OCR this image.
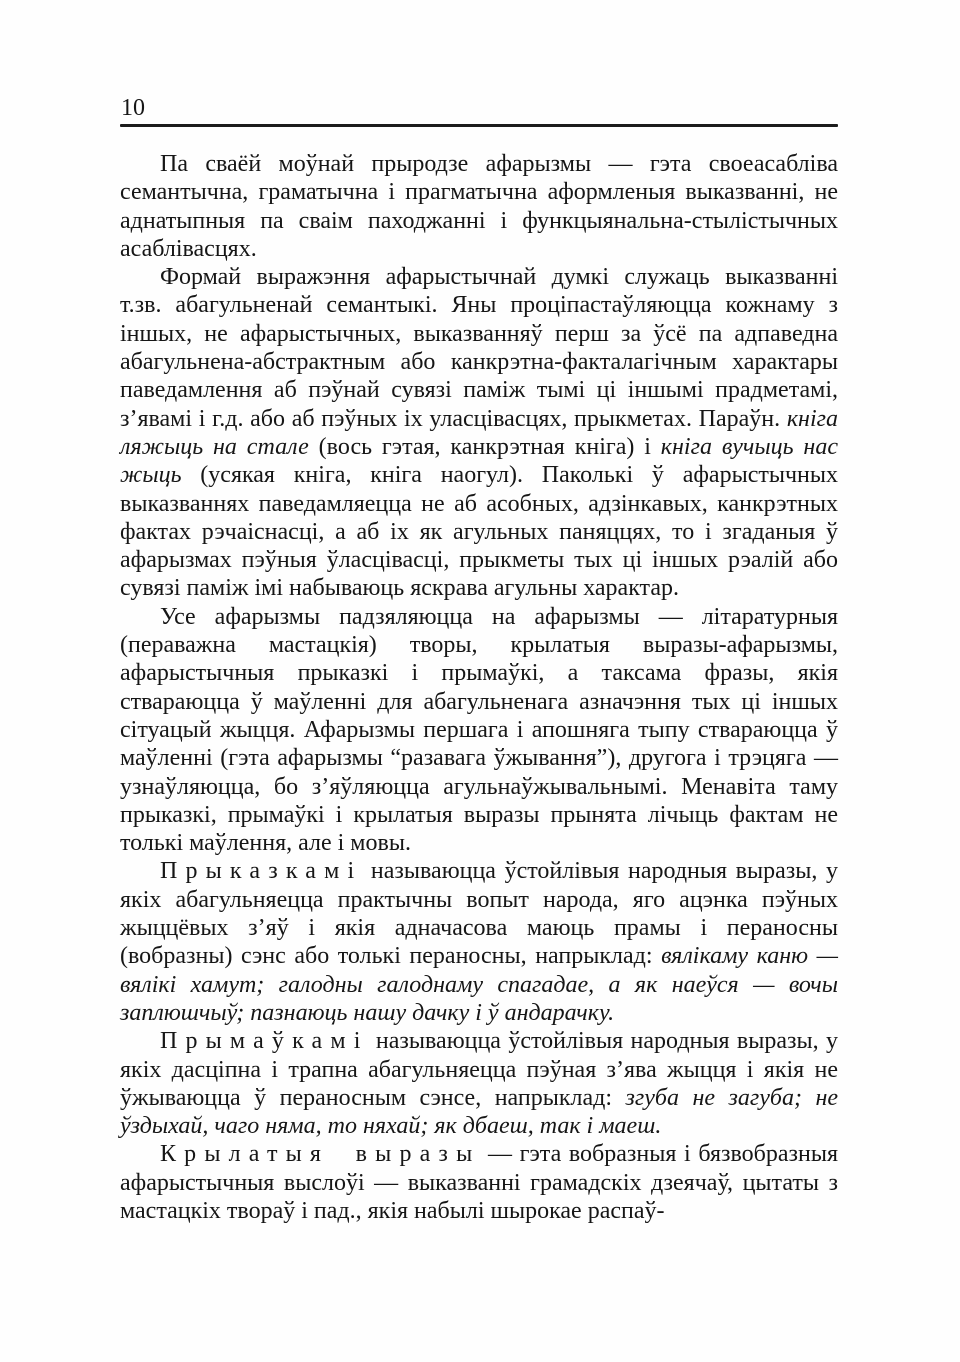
10

Па сваёй моўнай прыродзе афарызмы — гэта своеасабліва семантычна, граматычна і прагматычна аформленыя выказванні, не аднатыпныя па сваім паходжанні і функцыянальна-стылістычных асаблівасцях.

Формай выражэння афарыстычнай думкі служаць выказванні т.зв. абагульненай семантыкі. Яны проціпастаўляюцца кожнаму з іншых, не афарыстычных, выказванняў перш за ўсё па адпаведна абагульнена-абстрактным або канкрэтна-факталагічным характары паведамлення аб пэўнай сувязі паміж тымі ці іншымі прадметамі, з’явамі і г.д. або аб пэўных іх уласцівасцях, прыкметах. Параўн. кніга ляжыць на стале (вось гэтая, канкрэтная кніга) і кніга вучыць нас жыць (усякая кніга, кніга наогул). Паколькі ў афарыстычных выказваннях паведамляецца не аб асобных, адзінкавых, канкрэтных фактах рэчаіснасці, а аб іх як агульных паняццях, то і згаданыя ў афарызмах пэўныя ўласцівасці, прыкметы тых ці іншых рэалій або сувязі паміж імі набываюць яскрава агульны характар.

Усе афарызмы падзяляюцца на афарызмы — літаратурныя (пераважна мастацкія) творы, крылатыя выразы-афарызмы, афарыстычныя прыказкі і прымаўкі, а таксама фразы, якія ствараюцца ў маўленні для абагульненага азначэння тых ці іншых сітуацый жыцця. Афарызмы першага і апошняга тыпу ствараюцца ў маўленні (гэта афарызмы “разавага ўжывання”), другога і трэцяга — узнаўляюцца, бо з’яўляюцца агульнаўжывальнымі. Менавіта таму прыказкі, прымаўкі і крылатыя выразы прынята лічыць фактам не толькі маўлення, але і мовы.

Прыказкамі называюцца ўстойлівыя народныя выразы, у якіх абагульняецца практычны вопыт народа, яго ацэнка пэўных жыццёвых з’яў і якія адначасова маюць прамы і пераносны (вобразны) сэнс або толькі пераносны, напрыклад: вялікаму каню — вялікі хамут; галодны галоднаму спагадае, а як наеўся — вочы заплюшчыў; пазнаюць нашу дачку і ў андарачку.

Прымаўкамі называюцца ўстойлівыя народныя выразы, у якіх дасціпна і трапна абагульняецца пэўная з’ява жыцця і якія не ўжываюцца ў пераносным сэнсе, напрыклад: згуба не загуба; не ўздыхай, чаго няма, то няхай; як дбаеш, так і маеш.

Крылатыя выразы — гэта вобразныя і бязвобразныя афарыстычныя выслоўі — выказванні грамадскіх дзеячаў, цытаты з мастацкіх твораў і пад., якія набылі шырокае распаў-
